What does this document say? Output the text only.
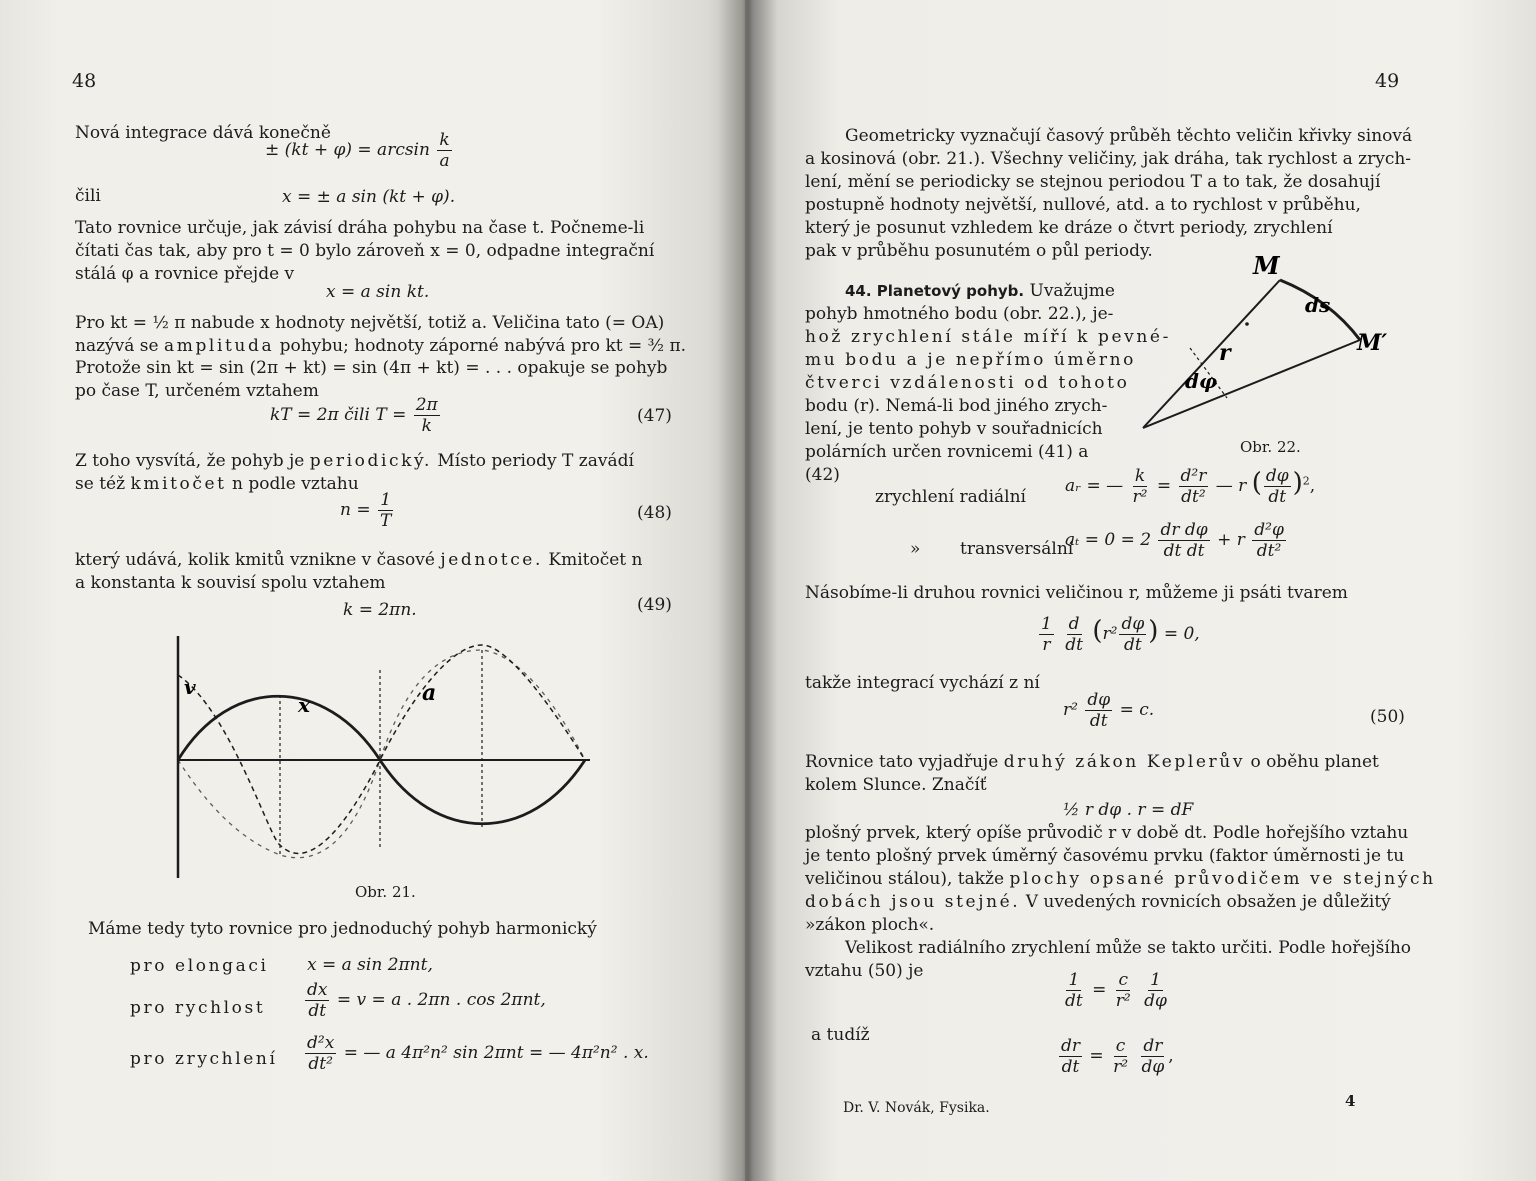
48
Nová integrace dává konečně
± $(kt + \varphi) = \arcsin \frac{k}{a}$
čili	x = ± a sin (kt + φ).
Tato rovnice určuje, jak závisí dráha pohybu na čase t. Počneme-li
čítati čas tak, aby pro t = 0 bylo zároveň x = 0, odpadne integrační
stálá φ a rovnice přejde v
x = a sin kt.
Pro kt = ½ π nabude x hodnoty největší, totiž a. Veličina tato (= OA)
nazývá se amplituda pohybu; hodnoty záporné nabývá pro kt = ³⁄₂ π.
Protože sin kt = sin (2π + kt) = sin (4π + kt) = . . . opakuje se pohyb
po čase T, určeném vztahem
kT = 2π čili $T = \frac{2\pi}{k}$	(47)
Z toho vysvítá, že pohyb je periodický. Místo periody T zavádí
se též kmitočet n podle vztahu
$n = \frac{1}{T}$	(48)
který udává, kolik kmitů vznikne v časové jednotce. Kmitočet n
a konstanta k souvisí spolu vztahem
k = 2πn.	(49)
v
x	a
Obr. 21.
Máme tedy tyto rovnice pro jednoduchý pohyb harmonický
pro elongaci x = a sin 2πnt,
pro rychlost $\frac{dx}{dt} = v = a$ . 2πn . cos 2πnt,
pro zrychlení $\frac{\text{d²x}}{\text{dt²}}$ = — a 4π²n² sin 2πnt = — 4π²n² . x.
49
Geometricky vyznačují časový průběh těchto veličin křivky sinová
a kosinová (obr. 21.). Všechny veličiny, jak dráha, tak rychlost a zrych-
lení, mění se periodicky se stejnou periodou T a to tak, že dosahují
postupně hodnoty největší, nullové, atd. a to rychlost v průběhu,
který je posunut vzhledem ke dráze o čtvrt periody, zrychlení
pak v průběhu posunutém o půl periody.
44. Planetový pohyb. Uvažujme
pohyb hmotného bodu (obr. 22.), je-
hož zrychlení stále míří k pevné-
mu bodu a je nepřímo úměrno
čtverci vzdálenosti od tohoto
bodu (r). Nemá-li bod jiného zrych-
lení, je tento pohyb v souřadnicích
polárních určen rovnicemi (41) a
(42)
M
M′
ds
r
dφ
Obr. 22.
zrychlení radiální
aᵣ = — $\frac{k}{\text{r²}} = \frac{\text{d²r}}{\text{dt²}}$ — r ( $\frac{d\varphi}{dt} )^2$,
» transversální
$a_t = 0 = 2 \frac{\text{dr dφ}}{\text{dt dt}} + r \frac{\text{d²φ}}{\text{dt²}}$
Násobíme-li druhou rovnici veličinou r, můžeme ji psáti tvarem
$\frac{1}{r}$
$\frac{d}{dt} (r^2 \frac{d\varphi}{dt}$ ) = 0,
takže integrací vychází z ní
$r^2 \frac{d\varphi}{dt} = c$.	(50)
Rovnice tato vyjadřuje druhý zákon Keplerův o oběhu planet
kolem Slunce. Značíť
½ r dφ . r = dF
plošný prvek, který opíše průvodič r v době dt. Podle hořejšího vztahu
je tento plošný prvek úměrný časovému prvku (faktor úměrnosti je tu
veličinou stálou), takže plochy opsané průvodičem ve stejných
dobách jsou stejné. V uvedených rovnicích obsažen je důležitý
»zákon ploch«.
Velikost radiálního zrychlení může se takto určiti. Podle hořejšího
vztahu (50) je	$\frac{1}{dt} = \frac{c}{\text{r²}}$
$\frac{1}{d\varphi}$
a tudíž
$\frac{dr}{dt} = \frac{c}{\text{r²}}$
$\frac{dr}{d\varphi}$ ,
Dr. V. Novák, Fysika.	4
